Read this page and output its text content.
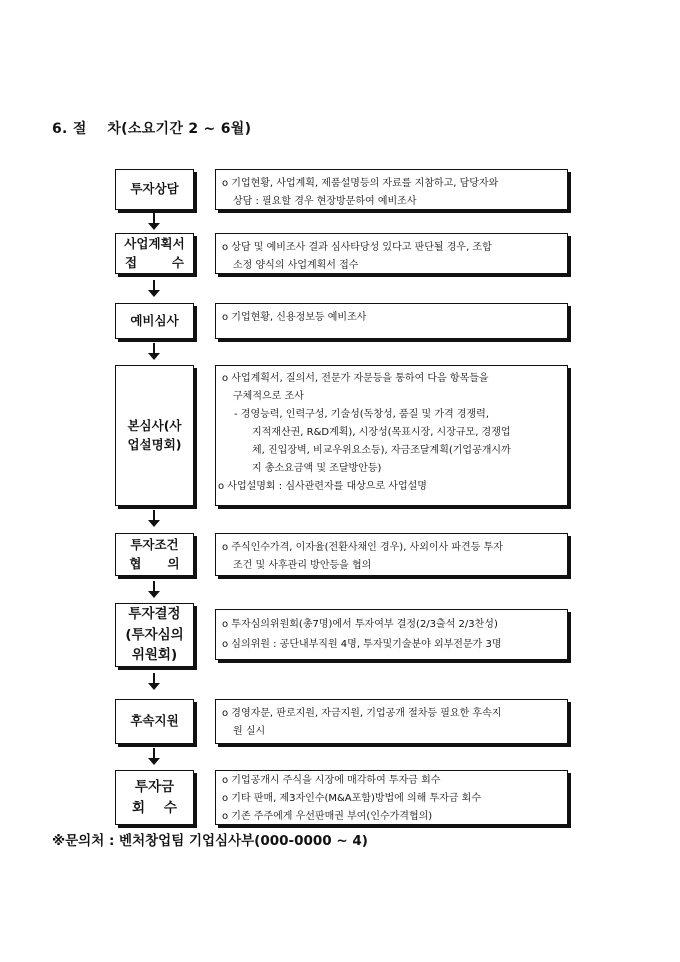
6. 절    차(소요기간 2 ~ 6월)
투자상담	o 기업현황, 사업계획, 제품설명등의 자료를 지참하고, 담당자와
상담 : 필요할 경우 현장방문하여 예비조사
사업계획서
접        수
o 상담 및 예비조사 결과 심사타당성 있다고 판단될 경우, 조합
소정 양식의 사업계획서 접수
예비심사	o 기업현황, 신용정보등 예비조사
본심사(사
업설명회)
o 사업계획서, 질의서, 전문가 자문등을 통하여 다음 항목들을
구체적으로 조사
- 경영능력, 인력구성, 기술성(독창성, 품질 및 가격 경쟁력,
지적재산권, R&D계획), 시장성(목표시장, 시장규모, 경쟁업
체, 진입장벽, 비교우위요소등), 자금조달계획(기업공개시까
지 총소요금액 및 조달방안등)
o 사업설명회 : 심사관련자를 대상으로 사업설명
투자조건
협      의
o 주식인수가격, 이자율(전환사채인 경우), 사외이사 파견등 투자
조건 및 사후관리 방안등을 협의
투자결정
(투자심의
위원회)
o 투자심의위원회(총7명)에서 투자여부 결정(2/3출석 2/3찬성)
o 심의위원 : 공단내부직원 4명, 투자및기술분야 외부전문가 3명
후속지원	o 경영자문, 판로지원, 자금지원, 기업공개 절차등 필요한 후속지
원 실시
투자금
회    수
o 기업공개시 주식을 시장에 매각하여 투자금 회수
o 기타 판매, 제3자인수(M&A포함)방법에 의해 투자금 회수
o 기존 주주에게 우선판매권 부여(인수가격협의)
※문의처 : 벤처창업팀 기업심사부(000-0000 ~ 4)
